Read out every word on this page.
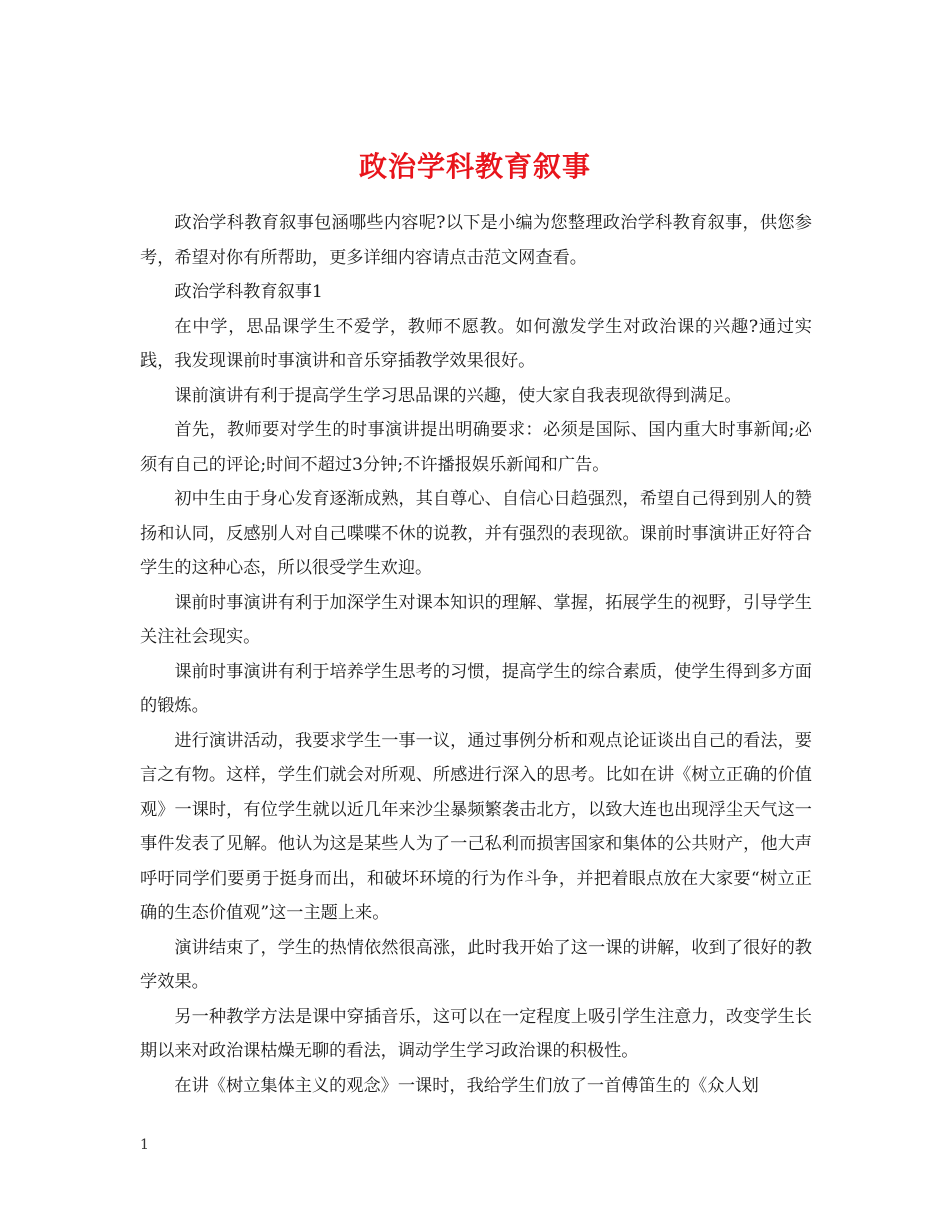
政治学科教育叙事

政治学科教育叙事包涵哪些内容呢?以下是小编为您整理政治学科教育叙事，供您参考，希望对你有所帮助，更多详细内容请点击范文网查看。

政治学科教育叙事1

在中学，思品课学生不爱学，教师不愿教。如何激发学生对政治课的兴趣?通过实践，我发现课前时事演讲和音乐穿插教学效果很好。

课前演讲有利于提高学生学习思品课的兴趣，使大家自我表现欲得到满足。

首先，教师要对学生的时事演讲提出明确要求：必须是国际、国内重大时事新闻;必须有自己的评论;时间不超过3分钟;不许播报娱乐新闻和广告。

初中生由于身心发育逐渐成熟，其自尊心、自信心日趋强烈，希望自己得到别人的赞扬和认同，反感别人对自己喋喋不休的说教，并有强烈的表现欲。课前时事演讲正好符合学生的这种心态，所以很受学生欢迎。

课前时事演讲有利于加深学生对课本知识的理解、掌握，拓展学生的视野，引导学生关注社会现实。

课前时事演讲有利于培养学生思考的习惯，提高学生的综合素质，使学生得到多方面的锻炼。

进行演讲活动，我要求学生一事一议，通过事例分析和观点论证谈出自己的看法，要言之有物。这样，学生们就会对所观、所感进行深入的思考。比如在讲《树立正确的价值观》一课时，有位学生就以近几年来沙尘暴频繁袭击北方，以致大连也出现浮尘天气这一事件发表了见解。他认为这是某些人为了一己私利而损害国家和集体的公共财产，他大声呼吁同学们要勇于挺身而出，和破坏环境的行为作斗争，并把着眼点放在大家要“树立正确的生态价值观”这一主题上来。

演讲结束了，学生的热情依然很高涨，此时我开始了这一课的讲解，收到了很好的教学效果。

另一种教学方法是课中穿插音乐，这可以在一定程度上吸引学生注意力，改变学生长期以来对政治课枯燥无聊的看法，调动学生学习政治课的积极性。

在讲《树立集体主义的观念》一课时，我给学生们放了一首傅笛生的《众人划

1
